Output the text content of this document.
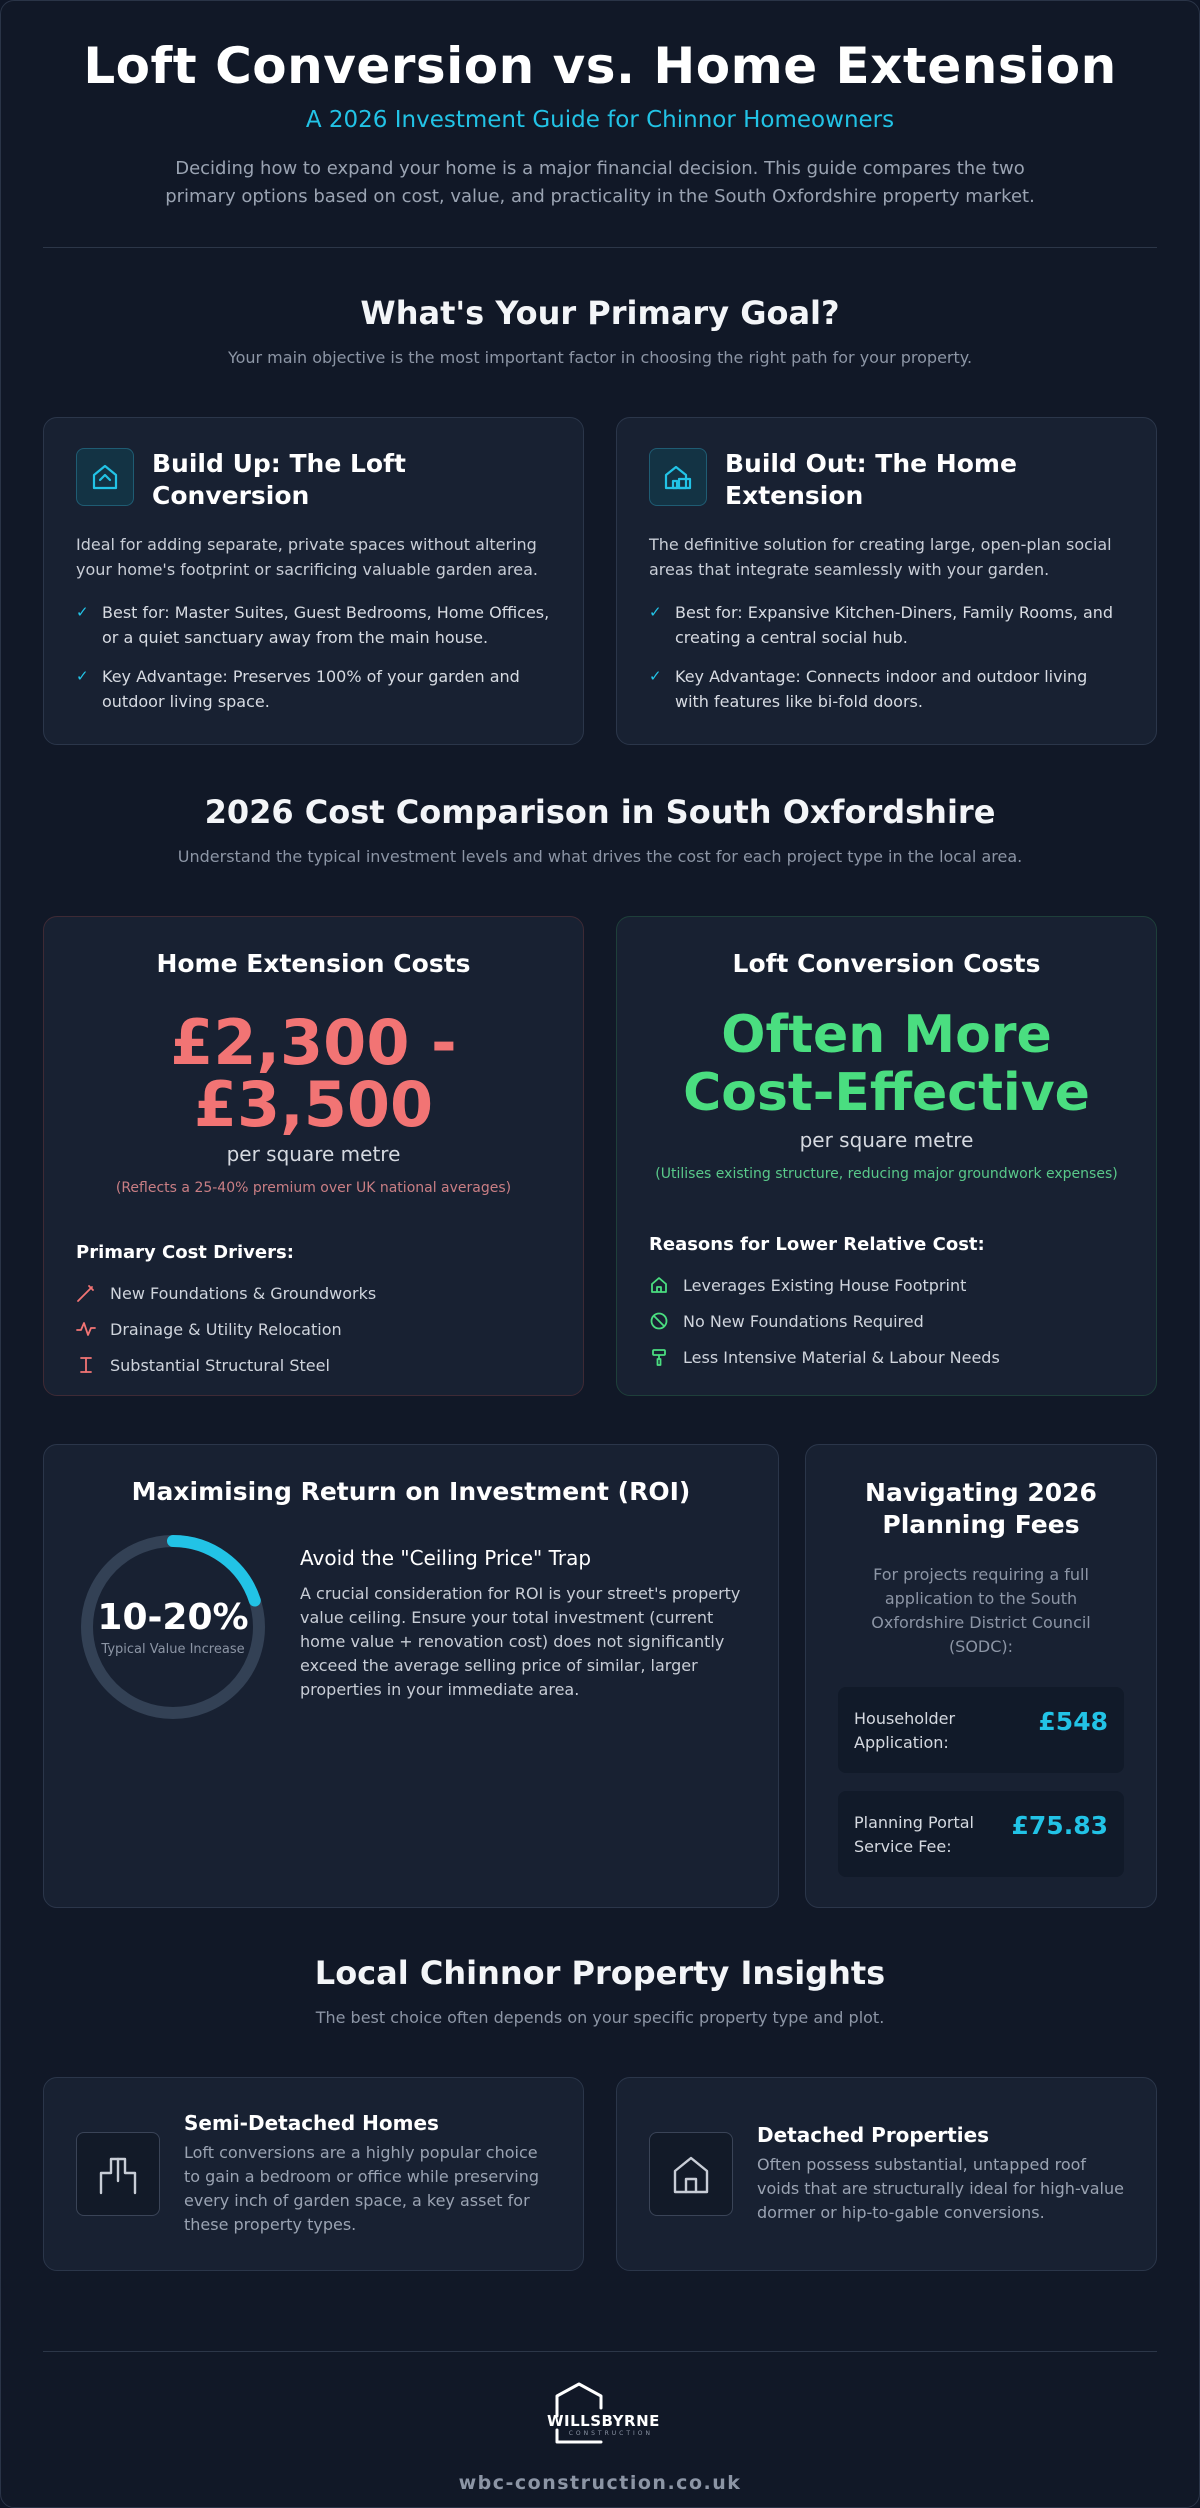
Loft Conversion vs. Home Extension
A 2026 Investment Guide for Chinnor Homeowners
Deciding how to expand your home is a major financial decision. This guide compares the two primary options based on cost, value, and practicality in the South Oxfordshire property market.
What's Your Primary Goal?
Your main objective is the most important factor in choosing the right path for your property.
Build Up: The Loft Conversion
Ideal for adding separate, private spaces without altering your home's footprint or sacrificing valuable garden area.
✓ Best for: Master Suites, Guest Bedrooms, Home Offices, or a quiet sanctuary away from the main house.
✓ Key Advantage: Preserves 100% of your garden and outdoor living space.
Build Out: The Home Extension
The definitive solution for creating large, open-plan social areas that integrate seamlessly with your garden.
✓ Best for: Expansive Kitchen-Diners, Family Rooms, and creating a central social hub.
✓ Key Advantage: Connects indoor and outdoor living with features like bi-fold doors.
2026 Cost Comparison in South Oxfordshire
Understand the typical investment levels and what drives the cost for each project type in the local area.
Home Extension Costs
£2,300 - £3,500
per square metre
(Reflects a 25-40% premium over UK national averages)
Primary Cost Drivers:
New Foundations & Groundworks
Drainage & Utility Relocation
Substantial Structural Steel
Loft Conversion Costs
Often More Cost-Effective
per square metre
(Utilises existing structure, reducing major groundwork expenses)
Reasons for Lower Relative Cost:
Leverages Existing House Footprint
No New Foundations Required
Less Intensive Material & Labour Needs
Maximising Return on Investment (ROI)
10-20%
Typical Value Increase
Avoid the "Ceiling Price" Trap
A crucial consideration for ROI is your street's property value ceiling. Ensure your total investment (current home value + renovation cost) does not significantly exceed the average selling price of similar, larger properties in your immediate area.
Navigating 2026 Planning Fees
For projects requiring a full application to the South Oxfordshire District Council (SODC):
Householder Application:
£548
Planning Portal Service Fee:
£75.83
Local Chinnor Property Insights
The best choice often depends on your specific property type and plot.
Semi-Detached Homes
Loft conversions are a highly popular choice to gain a bedroom or office while preserving every inch of garden space, a key asset for these property types.
Detached Properties
Often possess substantial, untapped roof voids that are structurally ideal for high-value dormer or hip-to-gable conversions.
WILLSBYRNE
CONSTRUCTION
wbc-construction.co.uk
